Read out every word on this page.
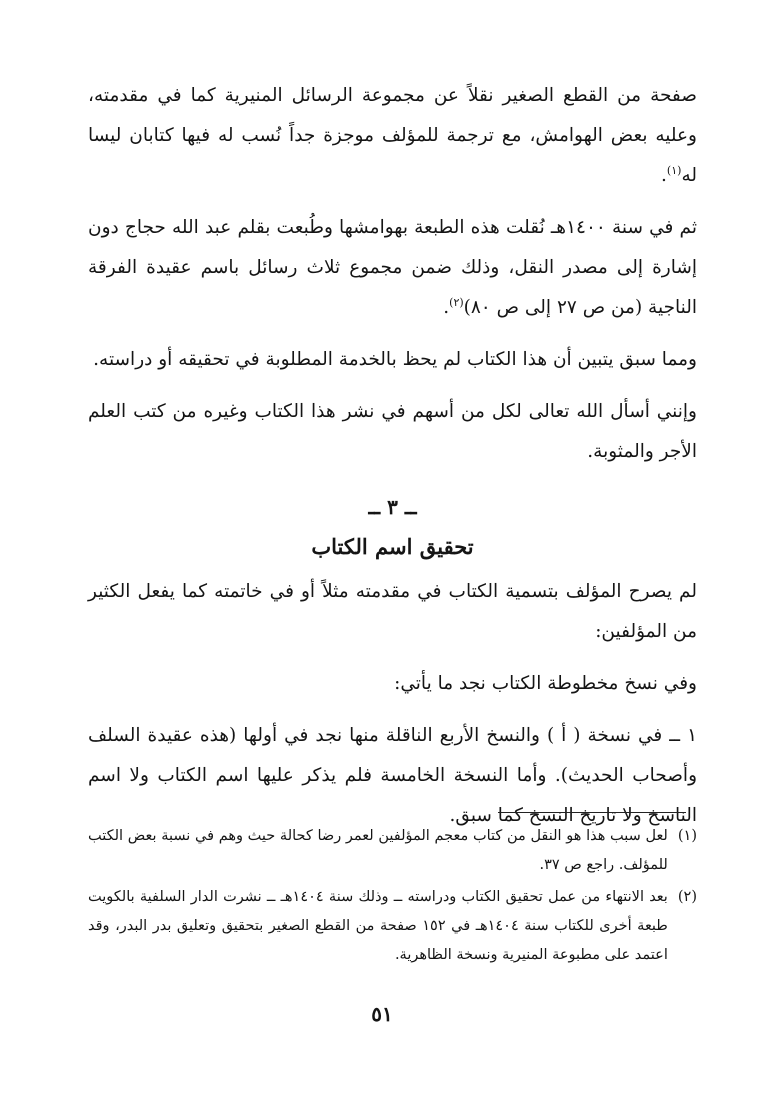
صفحة من القطع الصغير نقلاً عن مجموعة الرسائل المنيرية كما في مقدمته، وعليه بعض الهوامش، مع ترجمة للمؤلف موجزة جداً نُسب له فيها كتابان ليسا له$^{(١)}$.

ثم في سنة ١٤٠٠هـ نُقلت هذه الطبعة بهوامشها وطُبعت بقلم عبد الله حجاج دون إشارة إلى مصدر النقل، وذلك ضمن مجموع ثلاث رسائل باسم عقيدة الفرقة الناجية (من ص ٢٧ إلى ص ٨٠)$^{(٢)}$.

ومما سبق يتبين أن هذا الكتاب لم يحظ بالخدمة المطلوبة في تحقيقه أو دراسته.

وإنني أسأل الله تعالى لكل من أسهم في نشر هذا الكتاب وغيره من كتب العلم الأجر والمثوبة.

ــ ٣ ــ
تحقيق اسم الكتاب

لم يصرح المؤلف بتسمية الكتاب في مقدمته مثلاً أو في خاتمته كما يفعل الكثير من المؤلفين:

وفي نسخ مخطوطة الكتاب نجد ما يأتي:

١ ــ في نسخة ( أ ) والنسخ الأربع الناقلة منها نجد في أولها (هذه عقيدة السلف وأصحاب الحديث). وأما النسخة الخامسة فلم يذكر عليها اسم الكتاب ولا اسم الناسخ ولا تاريخ النسخ كما سبق.

(١)
لعل سبب هذا هو النقل من كتاب معجم المؤلفين لعمر رضا كحالة حيث وهم في نسبة بعض الكتب للمؤلف. راجع ص ٣٧.
(٢)
بعد الانتهاء من عمل تحقيق الكتاب ودراسته ــ وذلك سنة ١٤٠٤هـ ــ نشرت الدار السلفية بالكويت طبعة أخرى للكتاب سنة ١٤٠٤هـ في ١٥٢ صفحة من القطع الصغير بتحقيق وتعليق بدر البدر، وقد اعتمد على مطبوعة المنيرية ونسخة الظاهرية.
٥١
